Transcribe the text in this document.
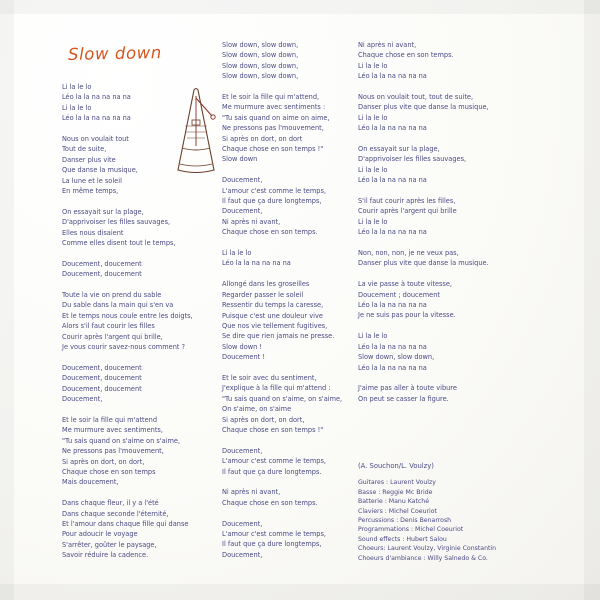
Slow down

Li la le lo
Léo la la na na na na
Li la le lo
Léo la la na na na na

Nous on voulait tout
Tout de suite,
Danser plus vite
Que danse la musique,
La lune et le soleil
En même temps,

On essayait sur la plage,
D'apprivoiser les filles sauvages,
Elles nous disaient
Comme elles disent tout le temps,

Doucement, doucement
Doucement, doucement

Toute la vie on prend du sable
Du sable dans la main qui s'en va
Et le temps nous coule entre les doigts,
Alors s'il faut courir les filles
Courir après l'argent qui brille,
Je vous courir savez-nous comment ?

Doucement, doucement
Doucement, doucement
Doucement, doucement
Doucement,

Et le soir la fille qui m'attend
Me murmure avec sentiments,
"Tu sais quand on s'aime on s'aime,
Ne pressons pas l'mouvement,
Si après on dort, on dort,
Chaque chose en son temps
Mais doucement,

Dans chaque fleur, il y a l'été
Dans chaque seconde l'éternité,
Et l'amour dans chaque fille qui danse
Pour adoucir le voyage
S'arrêter, goûter le paysage,
Savoir réduire la cadence.

Slow down, slow down,
Slow down, slow down,
Slow down, slow down,
Slow down, slow down,

Et le soir la fille qui m'attend,
Me murmure avec sentiments :
"Tu sais quand on aime on aime,
Ne pressons pas l'mouvement,
Si après on dort, on dort
Chaque chose en son temps !"
Slow down

Doucement,
L'amour c'est comme le temps,
Il faut que ça dure longtemps,
Doucement,
Ni après ni avant,
Chaque chose en son temps.

Li la le lo
Léo la la na na na na

Allongé dans les groseilles
Regarder passer le soleil
Ressentir du temps la caresse,
Puisque c'est une douleur vive
Que nos vie tellement fugitives,
Se dire que rien jamais ne presse.
Slow down !
Doucement !

Et le soir avec du sentiment,
J'explique à la fille qui m'attend :
"Tu sais quand on s'aime, on s'aime,
On s'aime, on s'aime
Si après on dort, on dort,
Chaque chose en son temps !"

Doucement,
L'amour c'est comme le temps,
Il faut que ça dure longtemps.

Ni après ni avant,
Chaque chose en son temps.

Doucement,
L'amour c'est comme le temps,
Il faut que ça dure longtemps,
Doucement,

Ni après ni avant,
Chaque chose en son temps.
Li la le lo
Léo la la na na na na

Nous on voulait tout, tout de suite,
Danser plus vite que danse la musique,
Li la le lo
Léo la la na na na na

On essayait sur la plage,
D'apprivoiser les filles sauvages,
Li la le lo
Léo la la na na na na

S'il faut courir après les filles,
Courir après l'argent qui brille
Li la le lo
Léo la la na na na na

Non, non, non, je ne veux pas,
Danser plus vite que danse la musique.

La vie passe à toute vitesse,
Doucement ; doucement
Léo la la na na na na
Je ne suis pas pour la vitesse.

Li la le lo
Léo la la na na na na
Slow down, slow down,
Léo la la na na na na

J'aime pas aller à toute vibure
On peut se casser la figure.

(A. Souchon/L. Voulzy)
Guitares : Laurent Voulzy
Basse : Reggie Mc Bride
Batterie : Manu Katché
Claviers : Michel Coeuriot
Percussions : Denis Benarrosh
Programmations : Michel Coeuriot
Sound effects : Hubert Salou
Choeurs: Laurent Voulzy, Virginie Constantin
Choeurs d'ambiance : Willy Salnedo & Co.
